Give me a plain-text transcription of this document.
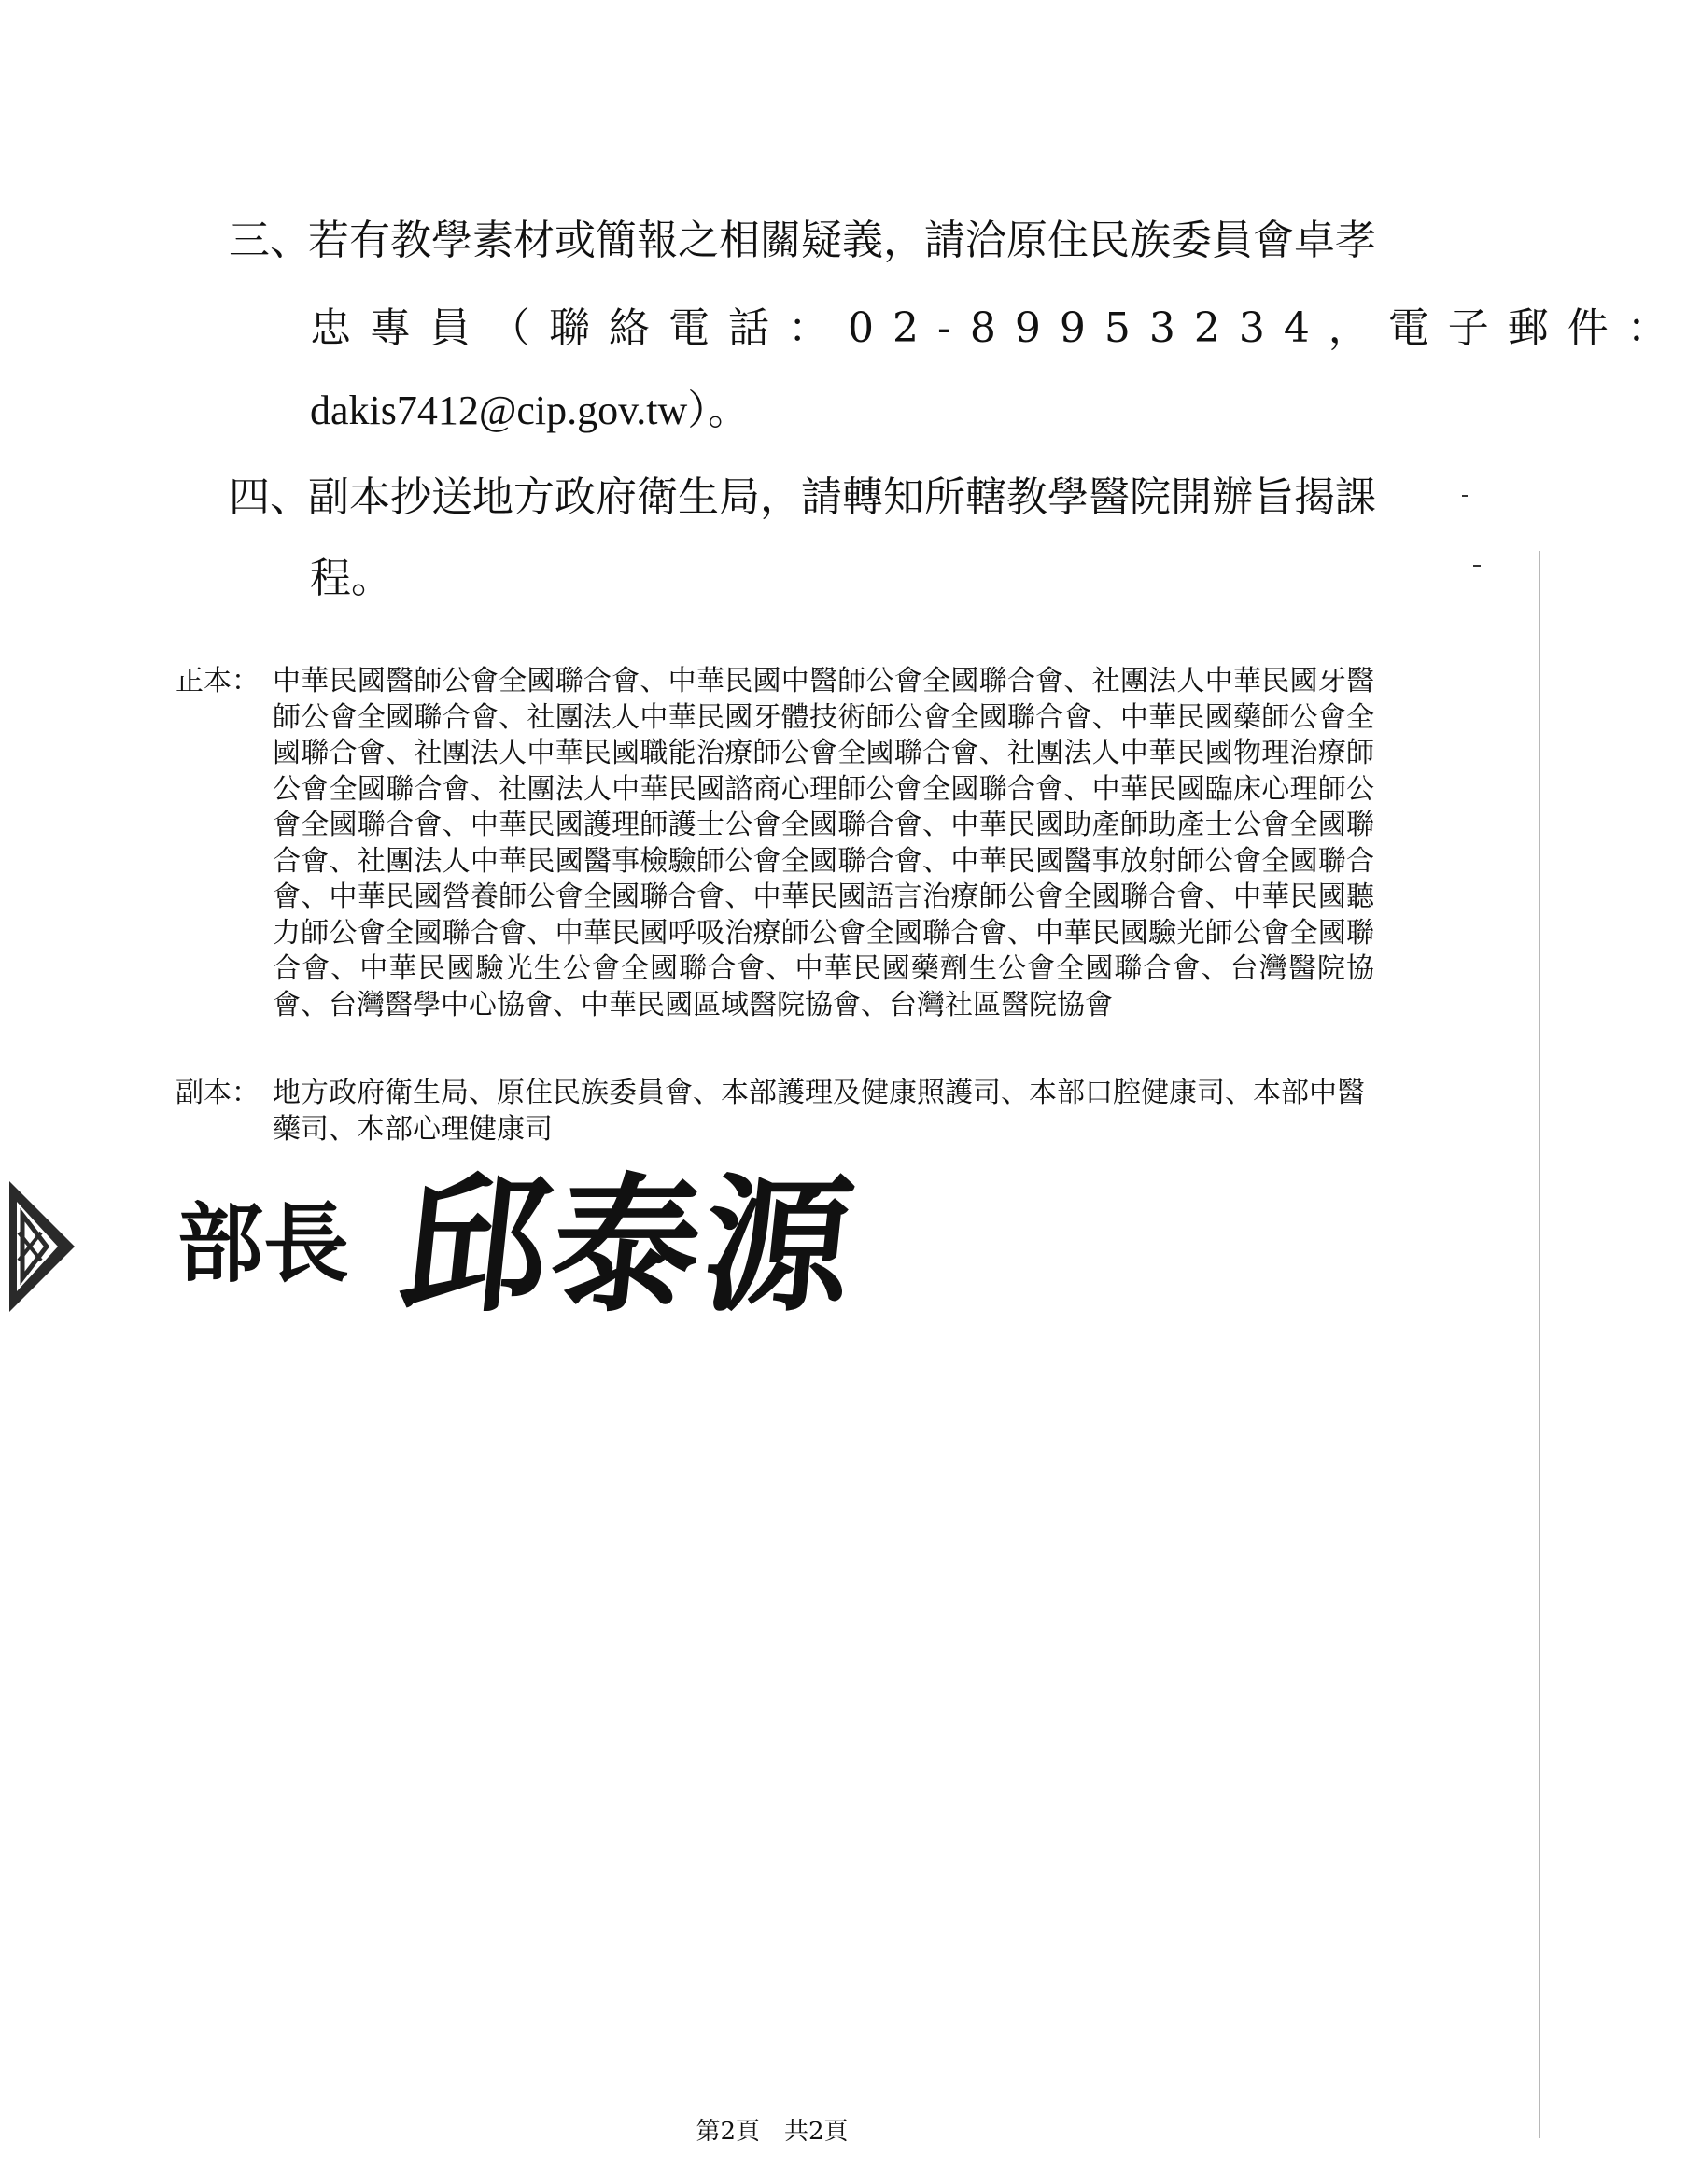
三、
若有教學素材或簡報之相關疑義，請洽原住民族委員會卓孝
忠專員（聯絡電話：02-89953234，電子郵件：
dakis7412@cip.gov.tw）。
四、
副本抄送地方政府衛生局，請轉知所轄教學醫院開辦旨揭課
程。
正本： 中華民國醫師公會全國聯合會、中華民國中醫師公會全國聯合會、社團法人中華民國牙醫師公會全國聯合會、社團法人中華民國牙體技術師公會全國聯合會、中華民國藥師公會全國聯合會、社團法人中華民國職能治療師公會全國聯合會、社團法人中華民國物理治療師公會全國聯合會、社團法人中華民國諮商心理師公會全國聯合會、中華民國臨床心理師公會全國聯合會、中華民國護理師護士公會全國聯合會、中華民國助產師助產士公會全國聯合會、社團法人中華民國醫事檢驗師公會全國聯合會、中華民國醫事放射師公會全國聯合會、中華民國營養師公會全國聯合會、中華民國語言治療師公會全國聯合會、中華民國聽力師公會全國聯合會、中華民國呼吸治療師公會全國聯合會、中華民國驗光師公會全國聯合會、中華民國驗光生公會全國聯合會、中華民國藥劑生公會全國聯合會、台灣醫院協會、台灣醫學中心協會、中華民國區域醫院協會、台灣社區醫院協會
副本： 地方政府衛生局、原住民族委員會、本部護理及健康照護司、本部口腔健康司、本部中醫藥司、本部心理健康司
部長 邱泰源
第2頁　共2頁
